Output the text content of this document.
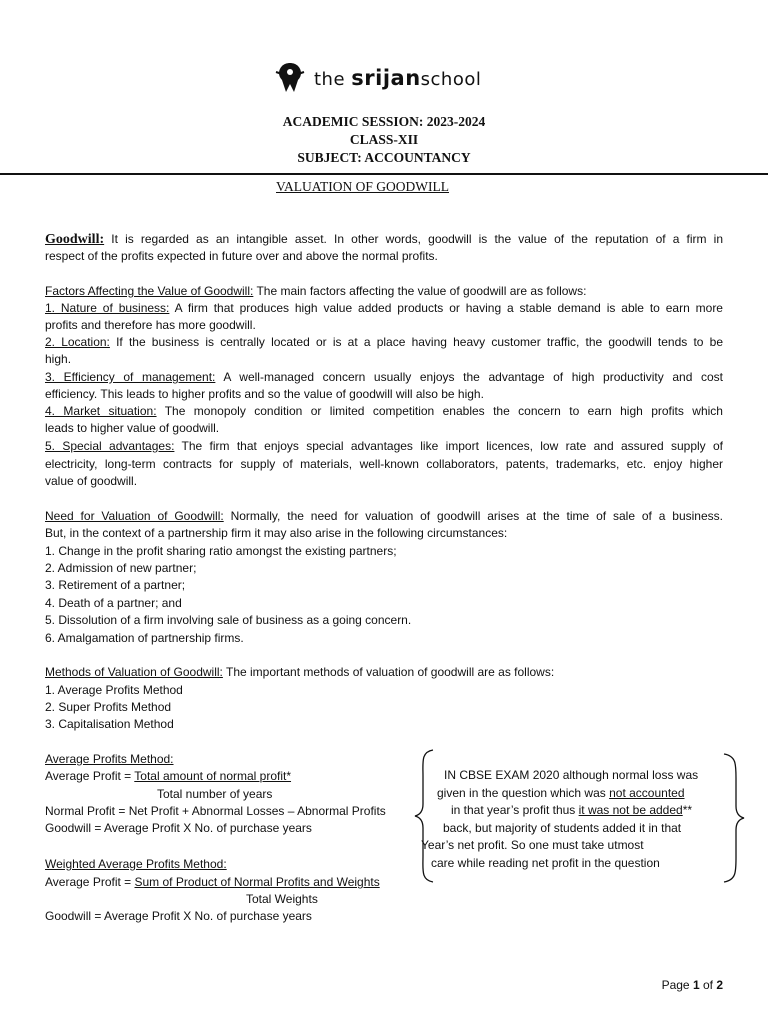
the srijanschool
ACADEMIC SESSION: 2023-2024
CLASS-XII
SUBJECT: ACCOUNTANCY
VALUATION OF GOODWILL
Goodwill: It is regarded as an intangible asset. In other words, goodwill is the value of the reputation of a firm in
respect of the profits expected in future over and above the normal profits.
Factors Affecting the Value of Goodwill: The main factors affecting the value of goodwill are as follows:
1. Nature of business: A firm that produces high value added products or having a stable demand is able to earn more
profits and therefore has more goodwill.
2. Location: If the business is centrally located or is at a place having heavy customer traffic, the goodwill tends to be
high.
3. Efficiency of management: A well-managed concern usually enjoys the advantage of high productivity and cost
efficiency. This leads to higher profits and so the value of goodwill will also be high.
4. Market situation: The monopoly condition or limited competition enables the concern to earn high profits which
leads to higher value of goodwill.
5. Special advantages: The firm that enjoys special advantages like import licences, low rate and assured supply of
electricity, long-term contracts for supply of materials, well-known collaborators, patents, trademarks, etc. enjoy higher
value of goodwill.
Need for Valuation of Goodwill: Normally, the need for valuation of goodwill arises at the time of sale of a business.
But, in the context of a partnership firm it may also arise in the following circumstances:
1. Change in the profit sharing ratio amongst the existing partners;
2. Admission of new partner;
3. Retirement of a partner;
4. Death of a partner; and
5. Dissolution of a firm involving sale of business as a going concern.
6. Amalgamation of partnership firms.
Methods of Valuation of Goodwill: The important methods of valuation of goodwill are as follows:
1. Average Profits Method
2. Super Profits Method
3. Capitalisation Method
Average Profits Method:
Average Profit = Total amount of normal profit*
Total number of years
Normal Profit = Net Profit + Abnormal Losses – Abnormal Profits
Goodwill = Average Profit X No. of purchase years
IN CBSE EXAM 2020 although normal loss was
given in the question which was not accounted
in that year’s profit thus it was not be added**
back, but majority of students added it in that
Year’s net profit. So one must take utmost
care while reading net profit in the question
Weighted Average Profits Method:
Average Profit = Sum of Product of Normal Profits and Weights
Total Weights
Goodwill = Average Profit X No. of purchase years
Page 1 of 2
